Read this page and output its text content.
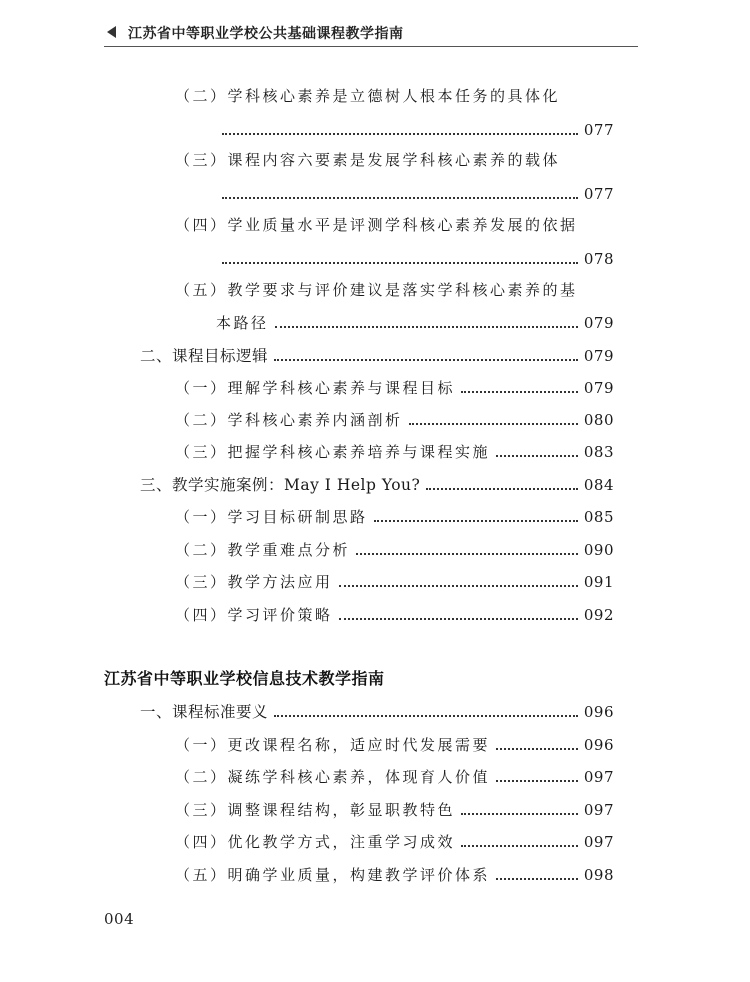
江苏省中等职业学校公共基础课程教学指南
（二）学科核心素养是立德树人根本任务的具体化
077
（三）课程内容六要素是发展学科核心素养的载体
077
（四）学业质量水平是评测学科核心素养发展的依据
078
（五）教学要求与评价建议是落实学科核心素养的基
本路径	079
二、课程目标逻辑	079
（一）理解学科核心素养与课程目标	079
（二）学科核心素养内涵剖析	080
（三）把握学科核心素养培养与课程实施	083
三、教学实施案例：May I Help You?	084
（一）学习目标研制思路	085
（二）教学重难点分析	090
（三）教学方法应用	091
（四）学习评价策略	092
江苏省中等职业学校信息技术教学指南
一、课程标准要义	096
（一）更改课程名称，适应时代发展需要	096
（二）凝练学科核心素养，体现育人价值	097
（三）调整课程结构，彰显职教特色	097
（四）优化教学方式，注重学习成效	097
（五）明确学业质量，构建教学评价体系	098
004
